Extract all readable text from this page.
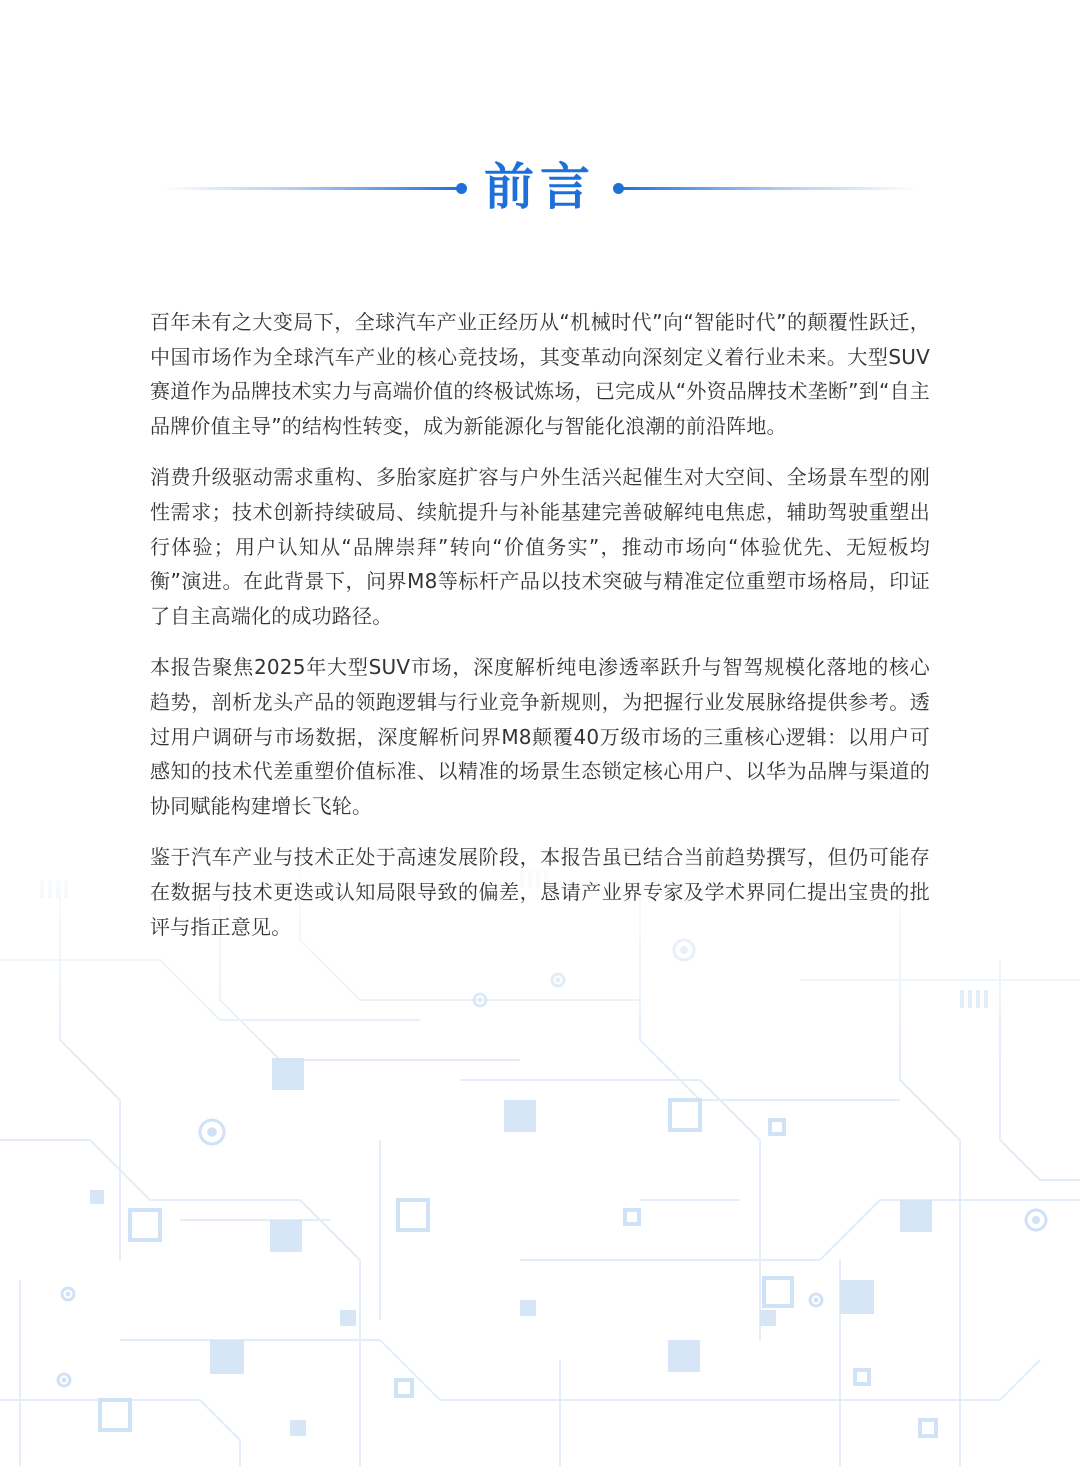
前言

百年未有之大变局下，全球汽车产业正经历从“机械时代”向“智能时代”的颠覆性跃迁，中国市场作为全球汽车产业的核心竞技场，其变革动向深刻定义着行业未来。大型SUV赛道作为品牌技术实力与高端价值的终极试炼场，已完成从“外资品牌技术垄断”到“自主品牌价值主导”的结构性转变，成为新能源化与智能化浪潮的前沿阵地。

消费升级驱动需求重构、多胎家庭扩容与户外生活兴起催生对大空间、全场景车型的刚性需求；技术创新持续破局、续航提升与补能基建完善破解纯电焦虑，辅助驾驶重塑出行体验；用户认知从“品牌崇拜”转向“价值务实”，推动市场向“体验优先、无短板均衡”演进。在此背景下，问界M8等标杆产品以技术突破与精准定位重塑市场格局，印证了自主高端化的成功路径。

本报告聚焦2025年大型SUV市场，深度解析纯电渗透率跃升与智驾规模化落地的核心趋势，剖析龙头产品的领跑逻辑与行业竞争新规则，为把握行业发展脉络提供参考。透过用户调研与市场数据，深度解析问界M8颠覆40万级市场的三重核心逻辑：以用户可感知的技术代差重塑价值标准、以精准的场景生态锁定核心用户、以华为品牌与渠道的协同赋能构建增长飞轮。

鉴于汽车产业与技术正处于高速发展阶段，本报告虽已结合当前趋势撰写，但仍可能存在数据与技术更迭或认知局限导致的偏差，恳请产业界专家及学术界同仁提出宝贵的批评与指正意见。
